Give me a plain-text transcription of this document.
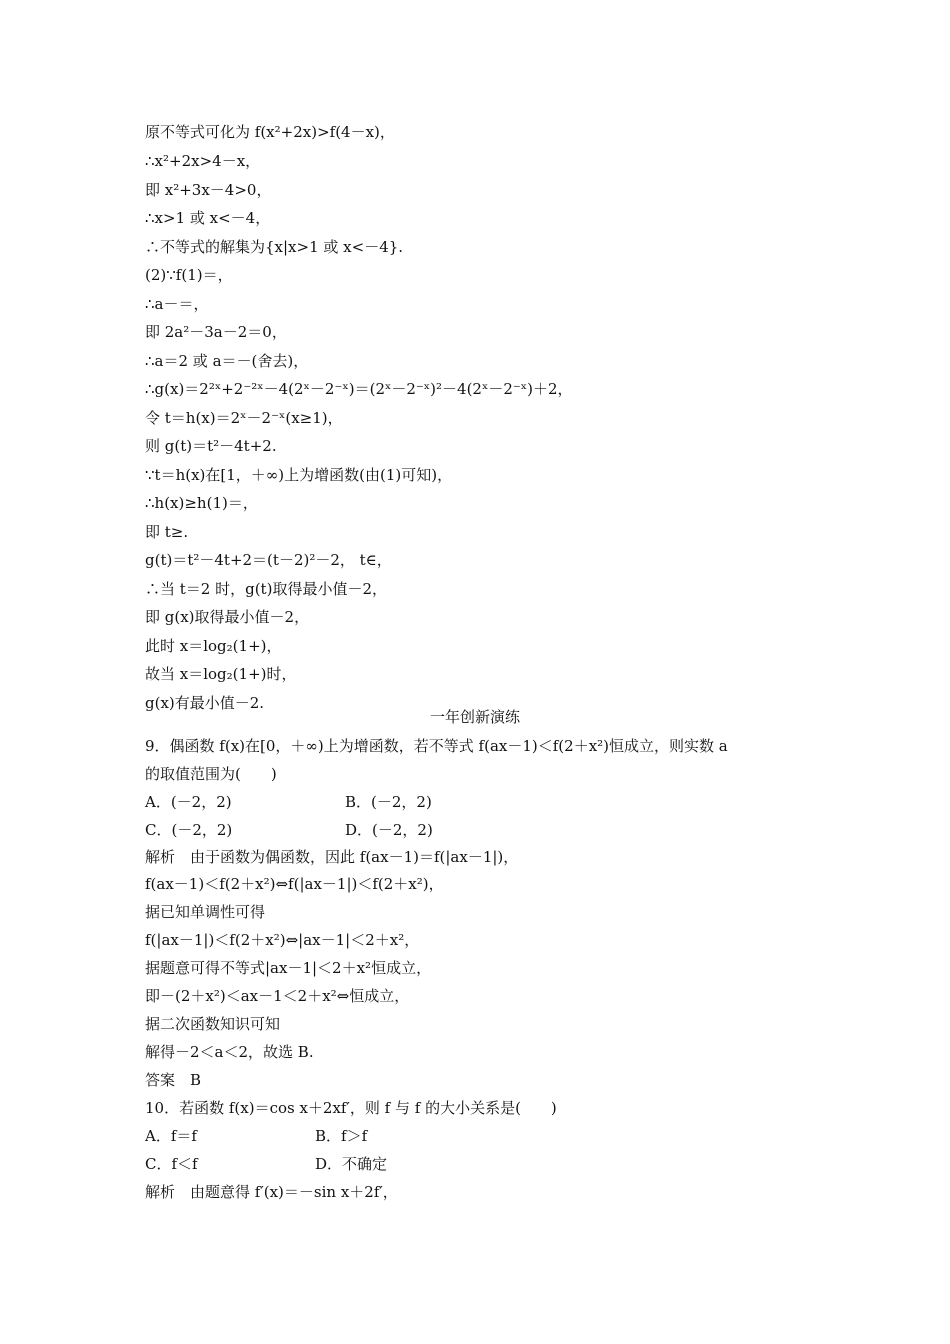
原不等式可化为 f(x²+2x)>f(4－x)，
∴x²+2x>4－x，
即 x²+3x－4>0，
∴x>1 或 x<－4，
∴不等式的解集为{x|x>1 或 x<－4}.
(2)∵f(1)＝，
∴a－＝，
即 2a²－3a－2＝0，
∴a＝2 或 a＝－(舍去)，
∴g(x)＝2²ˣ+2⁻²ˣ－4(2ˣ－2⁻ˣ)＝(2ˣ－2⁻ˣ)²－4(2ˣ－2⁻ˣ)＋2，
令 t＝h(x)＝2ˣ－2⁻ˣ(x≥1)，
则 g(t)＝t²－4t+2.
∵t＝h(x)在[1，＋∞)上为增函数(由(1)可知)，
∴h(x)≥h(1)＝，
即 t≥.
g(t)＝t²－4t+2＝(t－2)²－2， t∈，
∴当 t＝2 时，g(t)取得最小值－2，
即 g(x)取得最小值－2，
此时 x＝log₂(1+)，
故当 x＝log₂(1+)时，
g(x)有最小值－2.
一年创新演练
9．偶函数 f(x)在[0，＋∞)上为增函数，若不等式 f(ax－1)＜f(2＋x²)恒成立，则实数 a
的取值范围为(　　)
A．(－2，2)	B．(－2，2)
C．(－2，2)	D．(－2，2)
解析　由于函数为偶函数，因此 f(ax－1)＝f(|ax－1|)，
f(ax－1)＜f(2＋x²)⇔f(|ax－1|)＜f(2＋x²)，
据已知单调性可得
f(|ax－1|)＜f(2＋x²)⇔|ax－1|＜2＋x²，
据题意可得不等式|ax－1|＜2＋x²恒成立，
即－(2＋x²)＜ax－1＜2＋x²⇔恒成立，
据二次函数知识可知
解得－2＜a＜2，故选 B.
答案　B
10．若函数 f(x)＝cos x＋2xf′，则 f 与 f 的大小关系是(　　)
A．f＝f	B．f＞f
C．f＜f	D．不确定
解析　由题意得 f′(x)＝－sin x＋2f′，
